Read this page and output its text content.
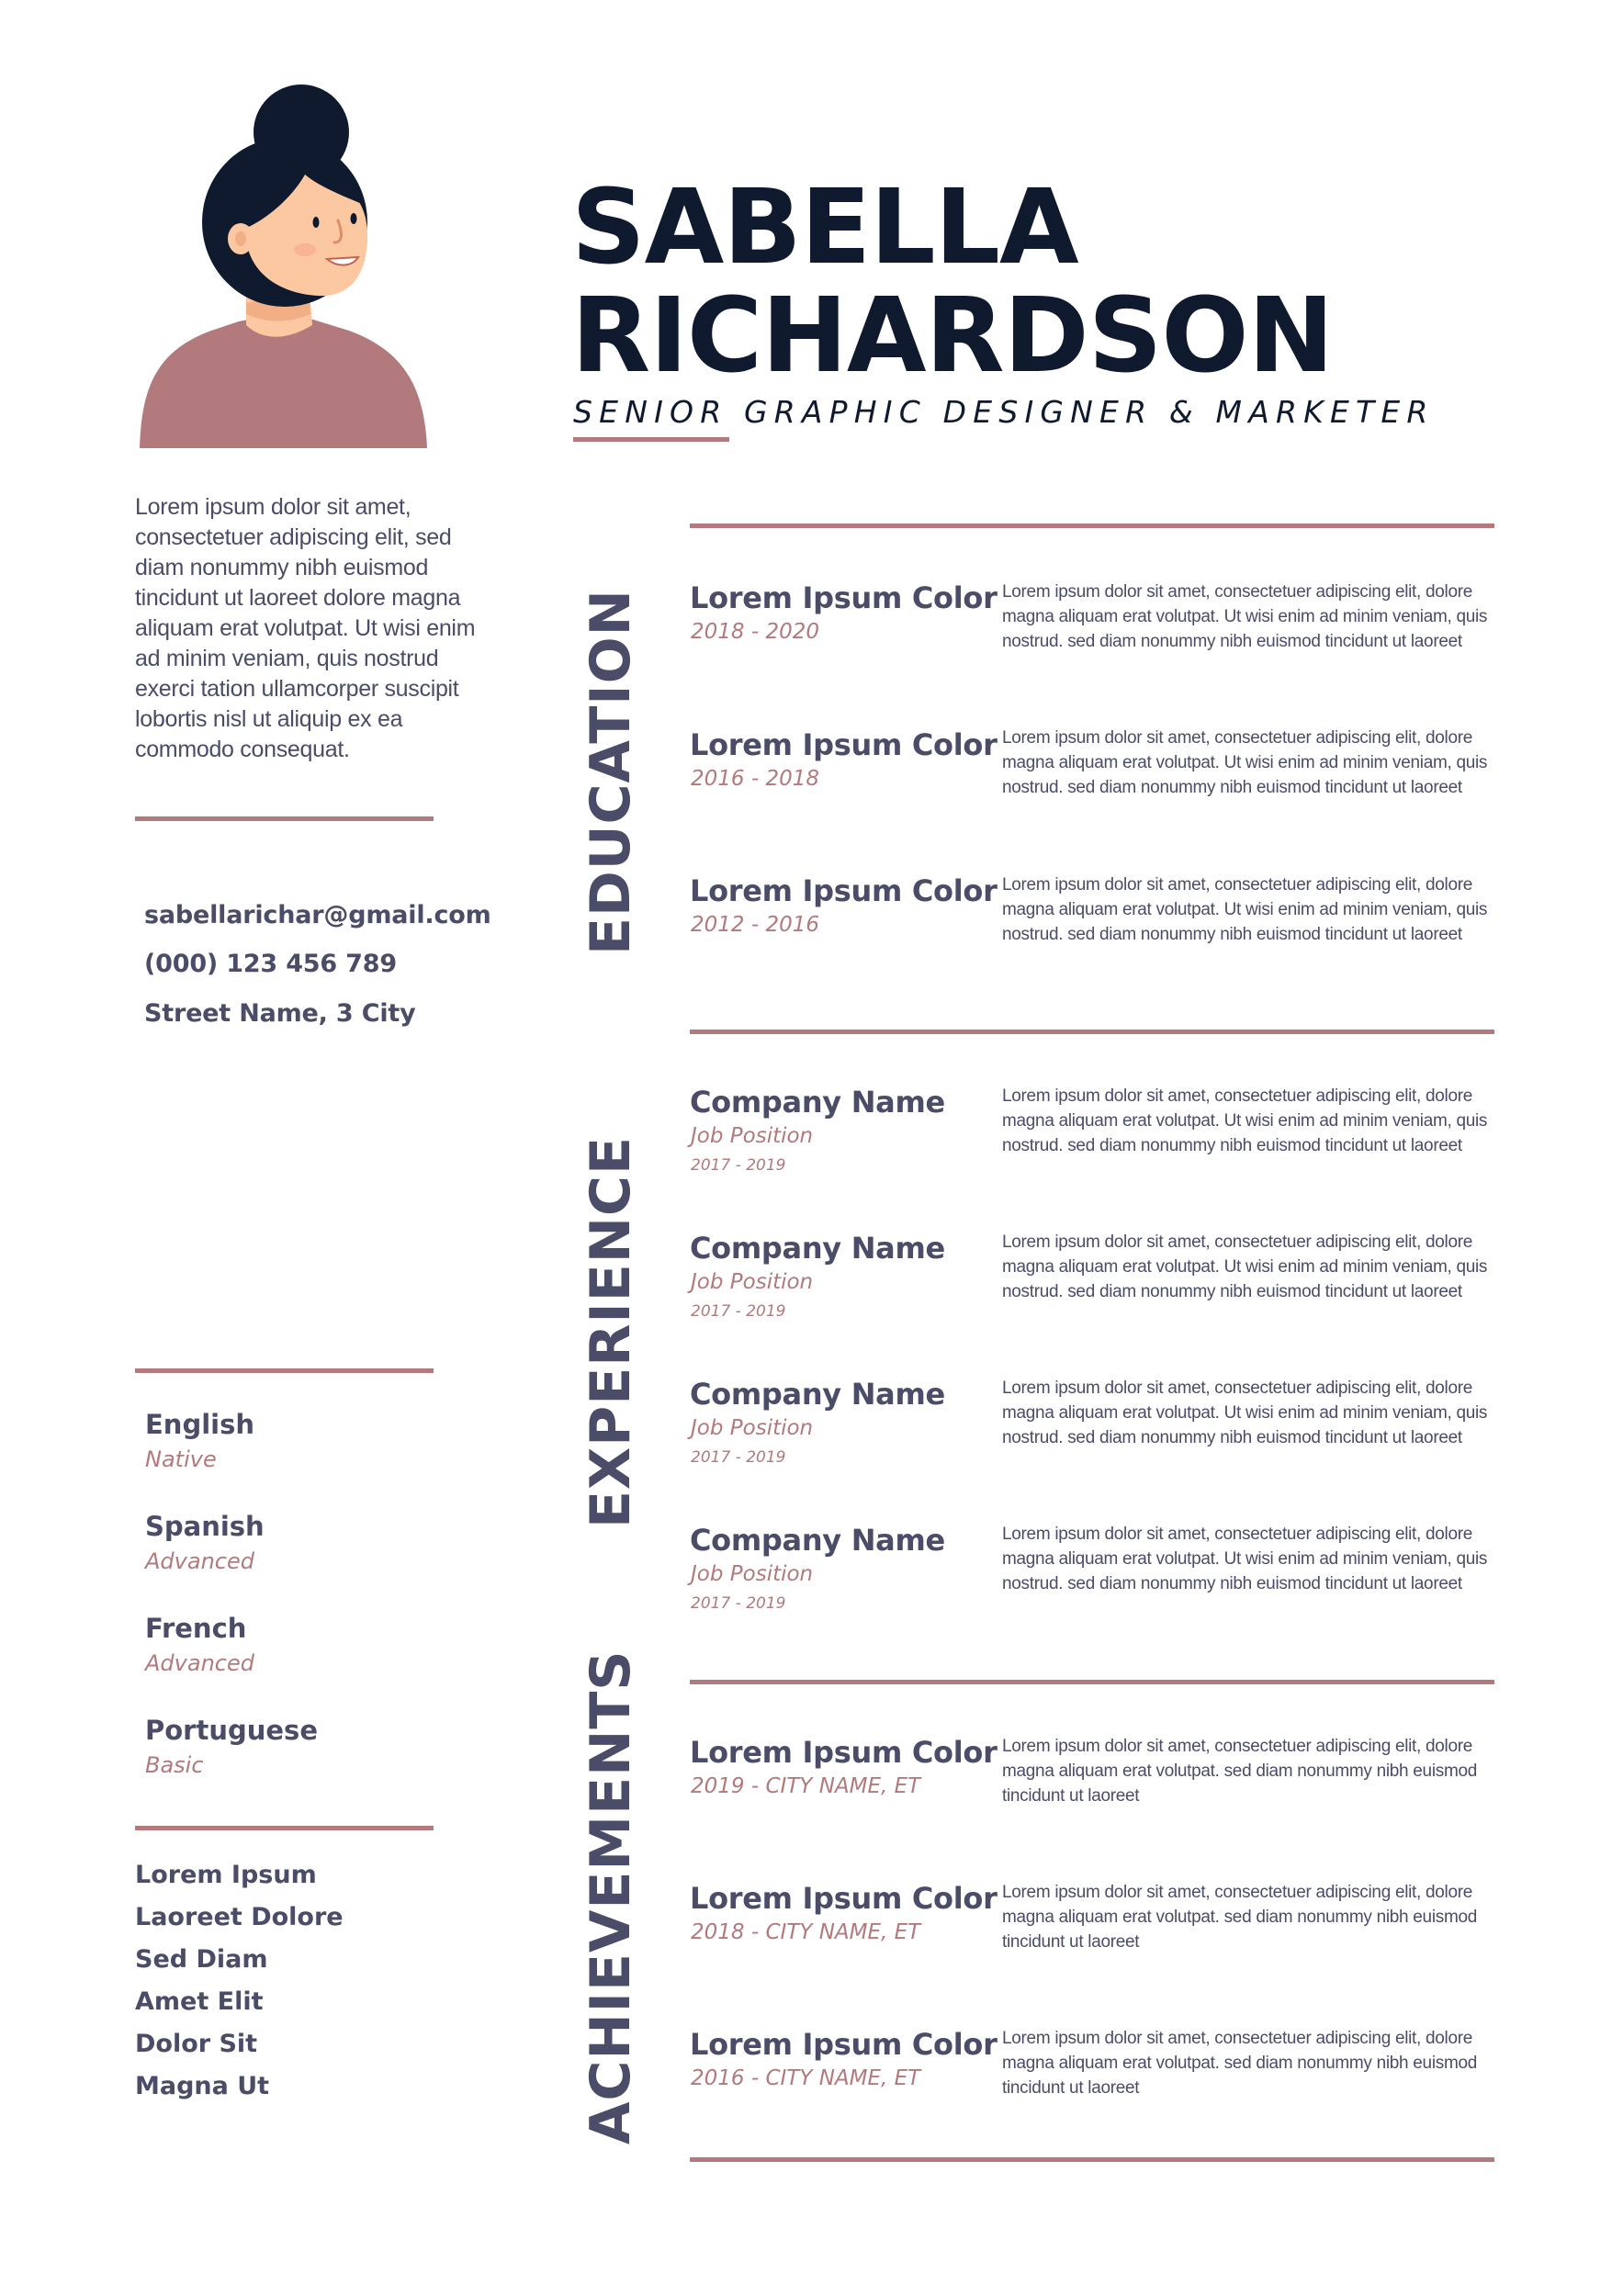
SABELLA
RICHARDSON
SENIOR GRAPHIC DESIGNER & MARKETER
Lorem ipsum dolor sit amet, consectetuer adipiscing elit, sed diam nonummy nibh euismod tincidunt ut laoreet dolore magna aliquam erat volutpat. Ut wisi enim ad minim veniam, quis nostrud exerci tation ullamcorper suscipit lobortis nisl ut aliquip ex ea commodo consequat.
sabellarichar@gmail.com
(000) 123 456 789
Street Name, 3 City
English
Native
Spanish
Advanced
French
Advanced
Portuguese
Basic
Lorem Ipsum
Laoreet Dolore
Sed Diam
Amet Elit
Dolor Sit
Magna Ut
EDUCATION Lorem Ipsum Color
2018 - 2020
Lorem ipsum dolor sit amet, consectetuer adipiscing elit, dolore magna aliquam erat volutpat. Ut wisi enim ad minim veniam, quis nostrud. sed diam nonummy nibh euismod tincidunt ut laoreet
Lorem Ipsum Color
2016 - 2018
Lorem ipsum dolor sit amet, consectetuer adipiscing elit, dolore magna aliquam erat volutpat. Ut wisi enim ad minim veniam, quis nostrud. sed diam nonummy nibh euismod tincidunt ut laoreet
Lorem Ipsum Color
2012 - 2016
Lorem ipsum dolor sit amet, consectetuer adipiscing elit, dolore magna aliquam erat volutpat. Ut wisi enim ad minim veniam, quis nostrud. sed diam nonummy nibh euismod tincidunt ut laoreet
EXPERIENCE
Company Name
Job Position
2017 - 2019
Lorem ipsum dolor sit amet, consectetuer adipiscing elit, dolore magna aliquam erat volutpat. Ut wisi enim ad minim veniam, quis nostrud. sed diam nonummy nibh euismod tincidunt ut laoreet
Company Name
Job Position
2017 - 2019
Lorem ipsum dolor sit amet, consectetuer adipiscing elit, dolore magna aliquam erat volutpat. Ut wisi enim ad minim veniam, quis nostrud. sed diam nonummy nibh euismod tincidunt ut laoreet
Company Name
Job Position
2017 - 2019
Lorem ipsum dolor sit amet, consectetuer adipiscing elit, dolore magna aliquam erat volutpat. Ut wisi enim ad minim veniam, quis nostrud. sed diam nonummy nibh euismod tincidunt ut laoreet
Company Name
Job Position
2017 - 2019
Lorem ipsum dolor sit amet, consectetuer adipiscing elit, dolore magna aliquam erat volutpat. Ut wisi enim ad minim veniam, quis nostrud. sed diam nonummy nibh euismod tincidunt ut laoreet
ACHIEVEMENTS Lorem Ipsum Color
2019 - CITY NAME, ET
Lorem ipsum dolor sit amet, consectetuer adipiscing elit, dolore magna aliquam erat volutpat. sed diam nonummy nibh euismod tincidunt ut laoreet
Lorem Ipsum Color
2018 - CITY NAME, ET
Lorem ipsum dolor sit amet, consectetuer adipiscing elit, dolore magna aliquam erat volutpat. sed diam nonummy nibh euismod tincidunt ut laoreet
Lorem Ipsum Color
2016 - CITY NAME, ET
Lorem ipsum dolor sit amet, consectetuer adipiscing elit, dolore magna aliquam erat volutpat. sed diam nonummy nibh euismod tincidunt ut laoreet
